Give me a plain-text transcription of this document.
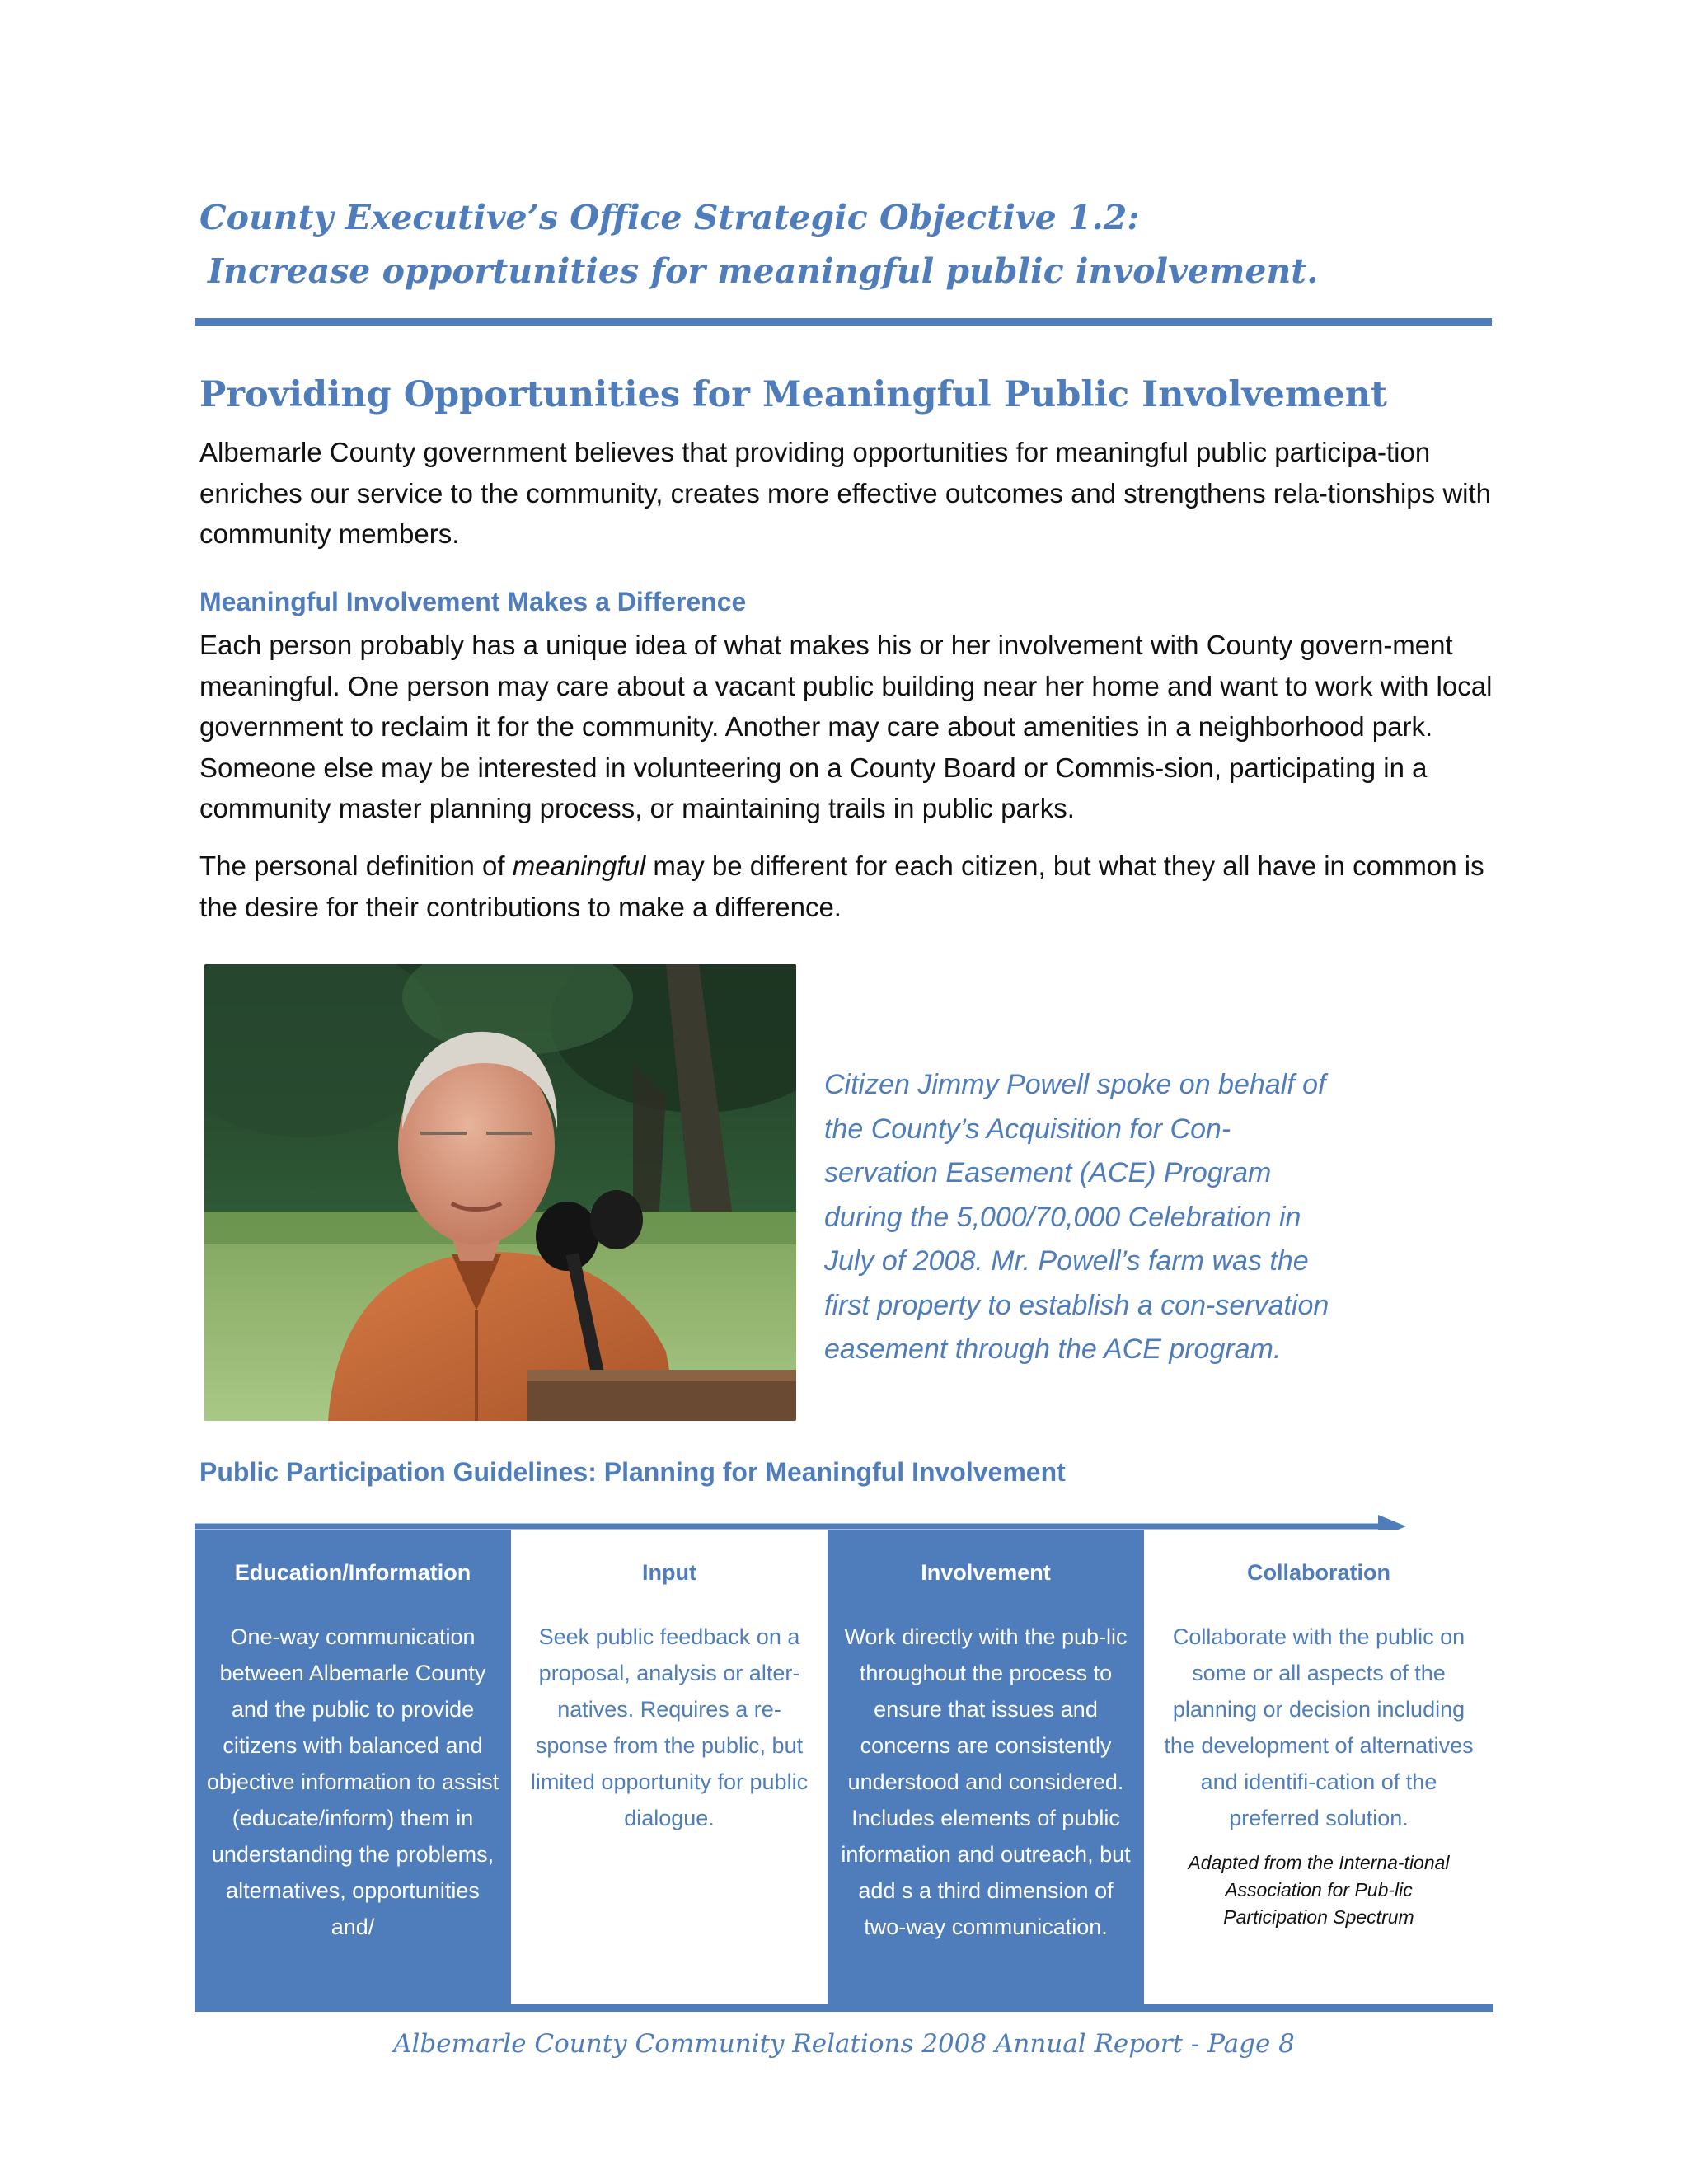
County Executive’s Office Strategic Objective 1.2:
Increase opportunities for meaningful public involvement.
Providing Opportunities for Meaningful Public Involvement

Albemarle County government believes that providing opportunities for meaningful public participa-tion enriches our service to the community, creates more effective outcomes and strengthens rela-tionships with community members.

Meaningful Involvement Makes a Difference

Each person probably has a unique idea of what makes his or her involvement with County govern-ment meaningful. One person may care about a vacant public building near her home and want to work with local government to reclaim it for the community. Another may care about amenities in a neighborhood park. Someone else may be interested in volunteering on a County Board or Commis-sion, participating in a community master planning process, or maintaining trails in public parks.

The personal definition of meaningful may be different for each citizen, but what they all have in common is the desire for their contributions to make a difference.

Citizen Jimmy Powell spoke on behalf of the County’s Acquisition for Con-servation Easement (ACE) Program during the 5,000/70,000 Celebration in July of 2008. Mr. Powell’s farm was the first property to establish a con-servation easement through the ACE program.

Public Participation Guidelines: Planning for Meaningful Involvement
Education/Information
One-way communication between Albemarle County and the public to provide citizens with balanced and objective information to assist (educate/inform) them in understanding the problems, alternatives, opportunities and/
Input
Seek public feedback on a proposal, analysis or alter-natives. Requires a re-sponse from the public, but limited opportunity for public dialogue.
Involvement
Work directly with the pub-lic throughout the process to ensure that issues and concerns are consistently understood and considered. Includes elements of public information and outreach, but add s a third dimension of two-way communication.
Collaboration
Collaborate with the public on some or all aspects of the planning or decision including the development of alternatives and identifi-cation of the preferred solution.
Adapted from the Interna-tional Association for Pub-lic Participation Spectrum

Albemarle County Community Relations 2008 Annual Report - Page 8
